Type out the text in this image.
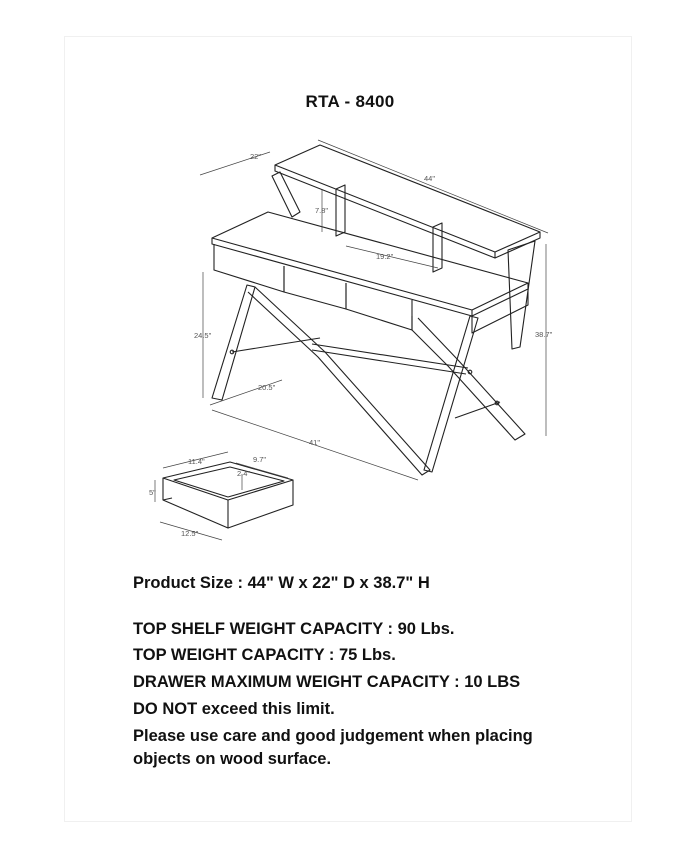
RTA - 8400
22"
44"
7.8"
19.2"
24.5"	38.7"
20.5"
41"
11.4"	9.7"
2.4"
5"
12.5"
Product Size : 44" W x 22" D x 38.7" H
TOP SHELF WEIGHT CAPACITY : 90 Lbs.
TOP WEIGHT CAPACITY : 75 Lbs.
DRAWER MAXIMUM WEIGHT CAPACITY : 10 LBS
DO NOT exceed this limit.
Please use care and good judgement when placing
objects on wood surface.
